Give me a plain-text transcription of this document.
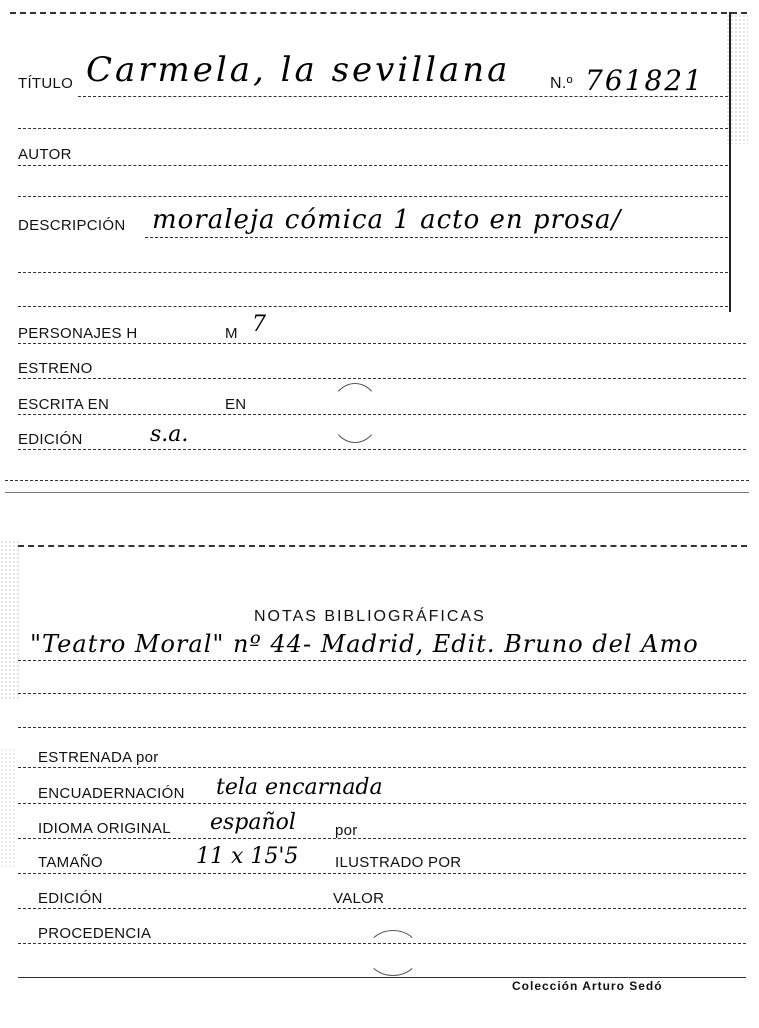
TÍTULO Carmela, la sevillana N.º 761821
AUTOR
DESCRIPCIÓN moraleja cómica 1 acto en prosa/
PERSONAJES H	M 7
ESTRENO
ESCRITA EN	EN
EDICIÓN	s.a.
NOTAS BIBLIOGRÁFICAS
"Teatro Moral" nº 44- Madrid, Edit. Bruno del Amo
ESTRENADA por
ENCUADERNACIÓN tela encarnada
IDIOMA ORIGINAL español	por
TAMAÑO	11 x 15'5 ILUSTRADO POR
EDICIÓN	VALOR
PROCEDENCIA
Colección Arturo Sedó
